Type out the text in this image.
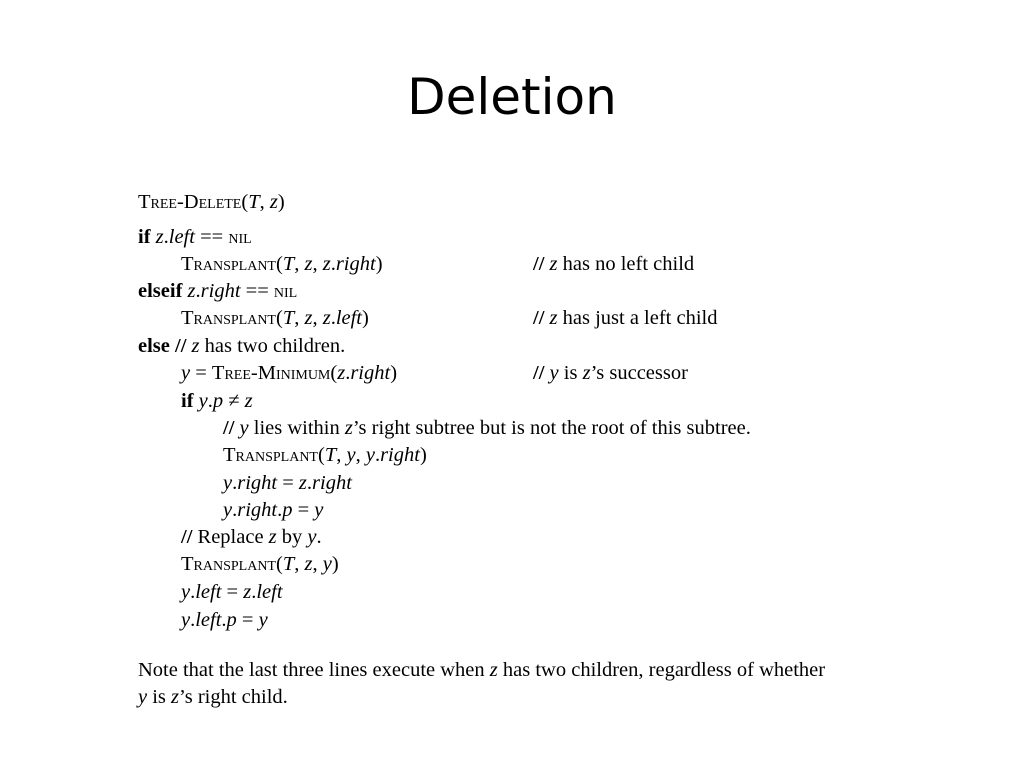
Deletion
Tree-Delete(T, z)
if z.left == nil
Transplant(T, z, z.right)	// z has no left child
elseif z.right == nil
Transplant(T, z, z.left)	// z has just a left child
else // z has two children.
y = Tree-Minimum(z.right)	// y is z’s successor
if y.p ≠ z
// y lies within z’s right subtree but is not the root of this subtree.
Transplant(T, y, y.right)
y.right = z.right
y.right.p = y
// Replace z by y.
Transplant(T, z, y)
y.left = z.left
y.left.p = y
Note that the last three lines execute when z has two children, regardless of whether
y is z’s right child.
